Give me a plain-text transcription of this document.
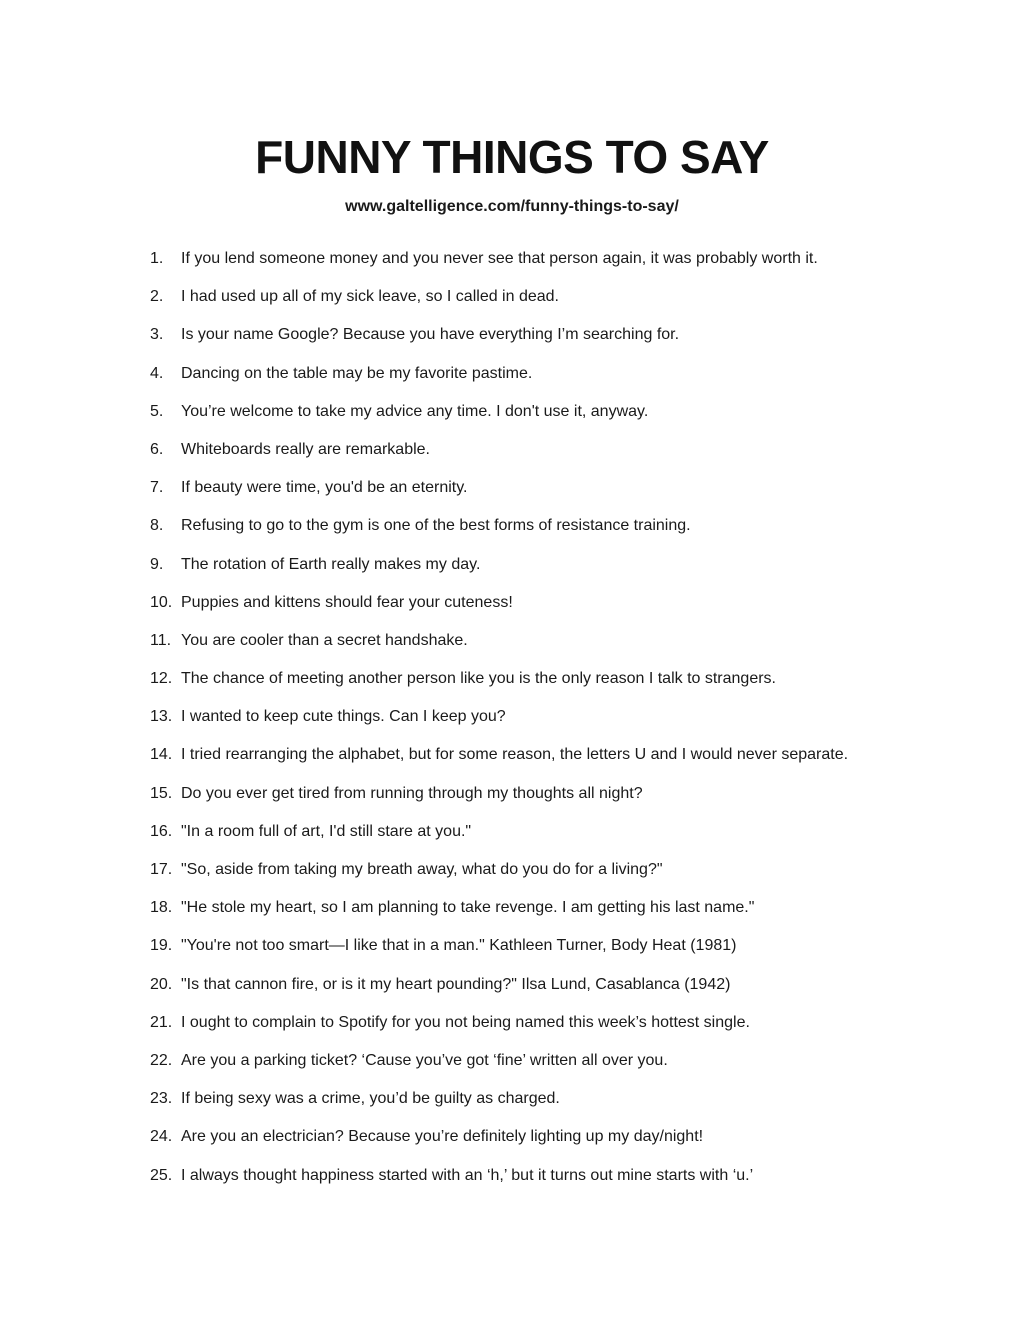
FUNNY THINGS TO SAY
www.galtelligence.com/funny-things-to-say/
1.	If you lend someone money and you never see that person again, it was probably worth it.
2.	I had used up all of my sick leave, so I called in dead.
3.	Is your name Google? Because you have everything I’m searching for.
4.	Dancing on the table may be my favorite pastime.
5.	You’re welcome to take my advice any time. I don't use it, anyway.
6.	Whiteboards really are remarkable.
7.	If beauty were time, you'd be an eternity.
8.	Refusing to go to the gym is one of the best forms of resistance training.
9.	The rotation of Earth really makes my day.
10. Puppies and kittens should fear your cuteness!
11. You are cooler than a secret handshake.
12. The chance of meeting another person like you is the only reason I talk to strangers.
13. I wanted to keep cute things. Can I keep you?
14. I tried rearranging the alphabet, but for some reason, the letters U and I would never separate.
15. Do you ever get tired from running through my thoughts all night?
16. "In a room full of art, I'd still stare at you."
17. "So, aside from taking my breath away, what do you do for a living?"
18. "He stole my heart, so I am planning to take revenge. I am getting his last name."
19. "You're not too smart—I like that in a man." Kathleen Turner, Body Heat (1981)
20. "Is that cannon fire, or is it my heart pounding?" Ilsa Lund, Casablanca (1942)
21. I ought to complain to Spotify for you not being named this week’s hottest single.
22. Are you a parking ticket? ‘Cause you’ve got ‘fine’ written all over you.
23. If being sexy was a crime, you’d be guilty as charged.
24. Are you an electrician? Because you’re definitely lighting up my day/night!
25. I always thought happiness started with an ‘h,’ but it turns out mine starts with ‘u.’
